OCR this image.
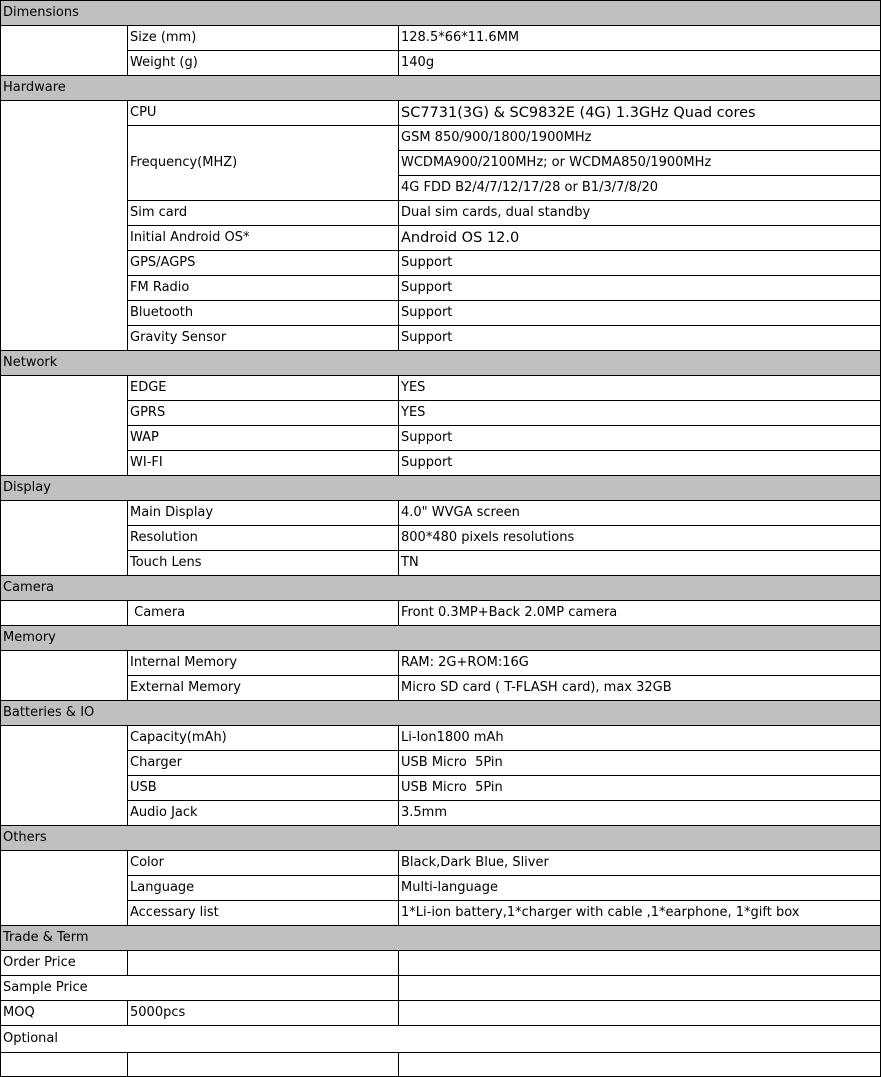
Dimensions		
	Size (mm)	128.5*66*11.6MM
	Weight (g)	140g
Hardware		
	CPU	SC7731(3G) & SC9832E (4G) 1.3GHz Quad cores
	Frequency(MHZ)	GSM 850/900/1800/1900MHz
		WCDMA900/2100MHz; or WCDMA850/1900MHz
		4G FDD B2/4/7/12/17/28 or B1/3/7/8/20
	Sim card	Dual sim cards, dual standby
	Initial Android OS*	Android OS 12.0
	GPS/AGPS	Support
	FM Radio	Support
	Bluetooth	Support
	Gravity Sensor	Support
Network		
	EDGE	YES
	GPRS	YES
	WAP	Support
	WI-FI	Support
Display		
	Main Display	4.0" WVGA screen
	Resolution	800*480 pixels resolutions
	Touch Lens	TN
Camera		
	Camera	Front 0.3MP+Back 2.0MP camera
Memory		
	Internal Memory	RAM: 2G+ROM:16G
	External Memory	Micro SD card ( T-FLASH card), max 32GB
Batteries & IO		
	Capacity(mAh)	Li-Ion1800 mAh
	Charger	USB Micro  5Pin
	USB	USB Micro  5Pin
	Audio Jack	3.5mm
Others		
	Color	Black,Dark Blue, Sliver
	Language	Multi-language
	Accessary list	1*Li-ion battery,1*charger with cable ,1*earphone, 1*gift box
Trade & Term		
Order Price		
Sample Price		
MOQ	5000pcs	
Optional		
